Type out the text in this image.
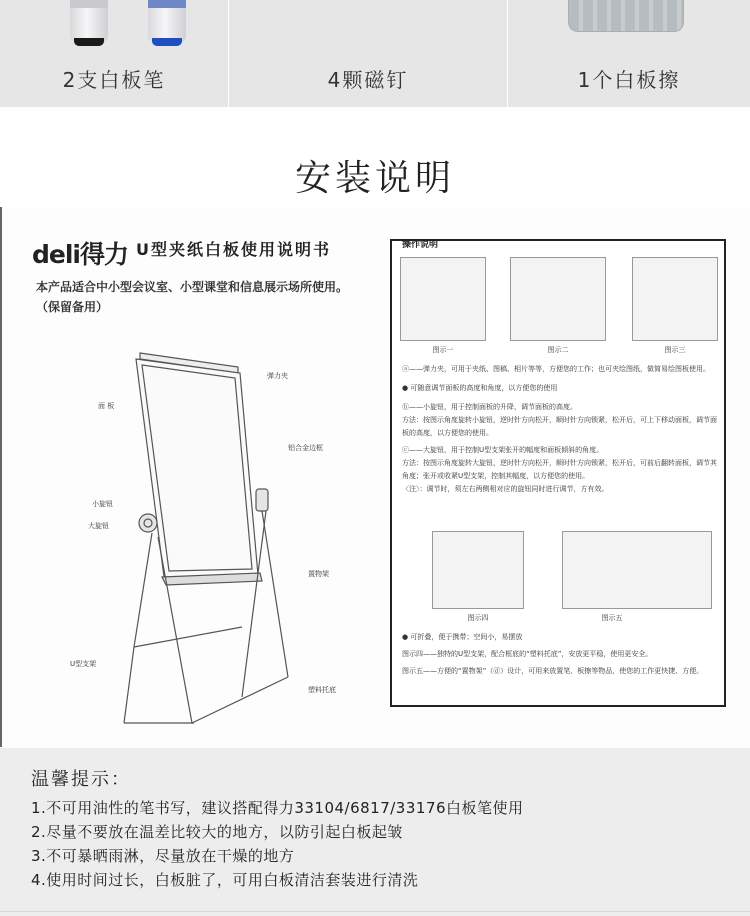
2支白板笔	4颗磁钉	1个白板擦
安装说明
deli得力 U型夹纸白板使用说明书
本产品适合中小型会议室、小型课堂和信息展示场所使用。
（保留备用）
弹力夹
面 板
铝合金边框
小旋钮
大旋钮
置物架
U型支架
塑料托底
操作说明
图示一	图示二	图示三
ⓐ——弹力夹，可用于夹纸、图稿、相片等等，方便您的工作；也可夹绘图纸，做简易绘图板使用。
● 可随意调节面板的高度和角度，以方便您的使用
ⓑ——小旋钮，用于控制面板的升降，调节面板的高度。
方法：按图示角度旋转小旋钮，逆时针方向松开，顺时针方向锁紧，松开后，可上下移动面板，调节面板的高度，以方便您的使用。
ⓒ——大旋钮，用于控制U型支架张开的幅度和面板倾斜的角度。
方法：按图示角度旋转大旋钮，逆时针方向松开，顺时针方向锁紧，松开后，可前后翻转面板，调节其角度；张开或收紧U型支架，控制其幅度，以方便您的使用。
〈注〉：调节时，须左右两侧相对应的旋钮同时进行调节，方有效。
图示四	图示五
● 可折叠，便于携带；空间小，易摆放
图示四——独特的U型支架，配合框底的“塑料托底”，安放更平稳，使用更安全。
图示五——方便的“置物架”（ⓓ）设计，可用来放置笔、板擦等物品，使您的工作更快捷、方便。
温馨提示：
1.不可用油性的笔书写，建议搭配得力33104/6817/33176白板笔使用
2.尽量不要放在温差比较大的地方，以防引起白板起皱
3.不可暴晒雨淋，尽量放在干燥的地方
4.使用时间过长，白板脏了，可用白板清洁套装进行清洗
